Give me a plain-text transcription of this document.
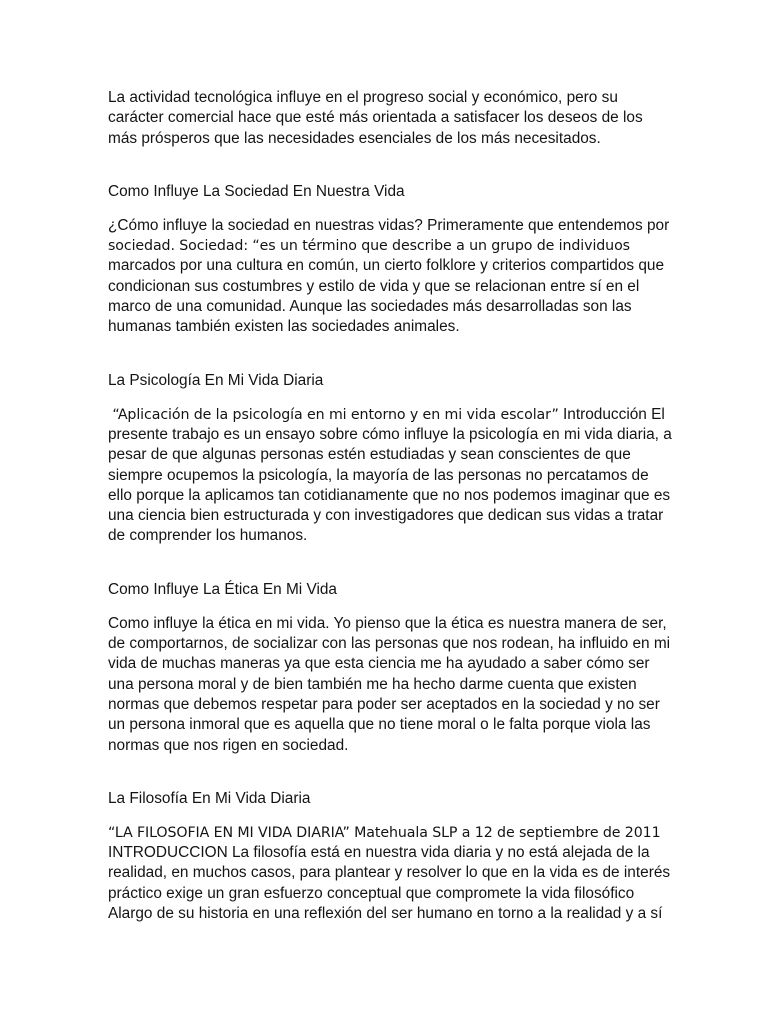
La actividad tecnológica influye en el progreso social y económico, pero su
carácter comercial hace que esté más orientada a satisfacer los deseos de los
más prósperos que las necesidades esenciales de los más necesitados.

Como Influye La Sociedad En Nuestra Vida

¿Cómo influye la sociedad en nuestras vidas? Primeramente que entendemos por
sociedad. Sociedad: “es un término que describe a un grupo de individuos
marcados por una cultura en común, un cierto folklore y criterios compartidos que
condicionan sus costumbres y estilo de vida y que se relacionan entre sí en el
marco de una comunidad. Aunque las sociedades más desarrolladas son las
humanas también existen las sociedades animales.

La Psicología En Mi Vida Diaria

“Aplicación de la psicología en mi entorno y en mi vida escolar” Introducción El
presente trabajo es un ensayo sobre cómo influye la psicología en mi vida diaria, a
pesar de que algunas personas estén estudiadas y sean conscientes de que
siempre ocupemos la psicología, la mayoría de las personas no percatamos de
ello porque la aplicamos tan cotidianamente que no nos podemos imaginar que es
una ciencia bien estructurada y con investigadores que dedican sus vidas a tratar
de comprender los humanos.

Como Influye La Ética En Mi Vida

Como influye la ética en mi vida. Yo pienso que la ética es nuestra manera de ser,
de comportarnos, de socializar con las personas que nos rodean, ha influido en mi
vida de muchas maneras ya que esta ciencia me ha ayudado a saber cómo ser
una persona moral y de bien también me ha hecho darme cuenta que existen
normas que debemos respetar para poder ser aceptados en la sociedad y no ser
un persona inmoral que es aquella que no tiene moral o le falta porque viola las
normas que nos rigen en sociedad.

La Filosofía En Mi Vida Diaria

“LA FILOSOFIA EN MI VIDA DIARIA” Matehuala SLP a 12 de septiembre de 2011
INTRODUCCION La filosofía está en nuestra vida diaria y no está alejada de la
realidad, en muchos casos, para plantear y resolver lo que en la vida es de interés
práctico exige un gran esfuerzo conceptual que compromete la vida filosófico
Alargo de su historia en una reflexión del ser humano en torno a la realidad y a sí
